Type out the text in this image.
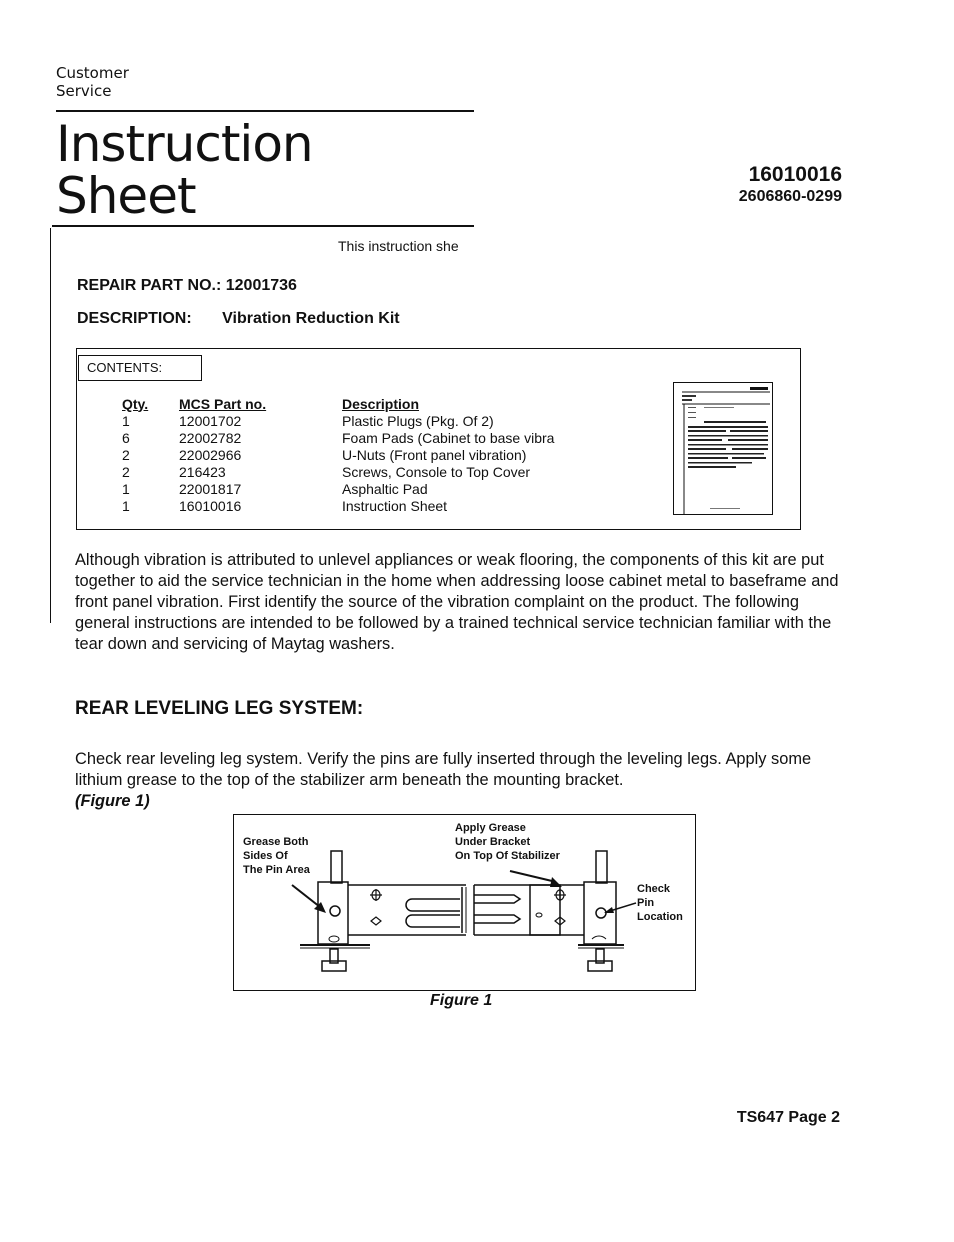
Customer
Service
Instruction
Sheet	16010016
2606860-0299
This instruction she
REPAIR PART NO.: 12001736
DESCRIPTION: Vibration Reduction Kit
CONTENTS:
Qty.	MCS Part no.	Description
1	12001702	Plastic Plugs (Pkg. Of 2)
6	22002782	Foam Pads (Cabinet to base vibra
2	22002966	U-Nuts (Front panel vibration)
2	216423	Screws, Console to Top Cover
1	22001817	Asphaltic Pad
1	16010016	Instruction Sheet
Although vibration is attributed to unlevel appliances or weak flooring, the components of this kit are put together to aid the service technician in the home when addressing loose cabinet metal to baseframe and front panel vibration. First identify the source of the vibration complaint on the product. The following general instructions are intended to be followed by a trained technical service technician familiar with the tear down and servicing of Maytag washers.
REAR LEVELING LEG SYSTEM:
Check rear leveling leg system. Verify the pins are fully inserted through the leveling legs. Apply some lithium grease to the top of the stabilizer arm beneath the mounting bracket.
(Figure 1)
Grease Both
Sides Of
The Pin Area
Apply Grease
Under Bracket
On Top Of Stabilizer
Check
Pin
Location
Figure 1
TS647 Page 2
